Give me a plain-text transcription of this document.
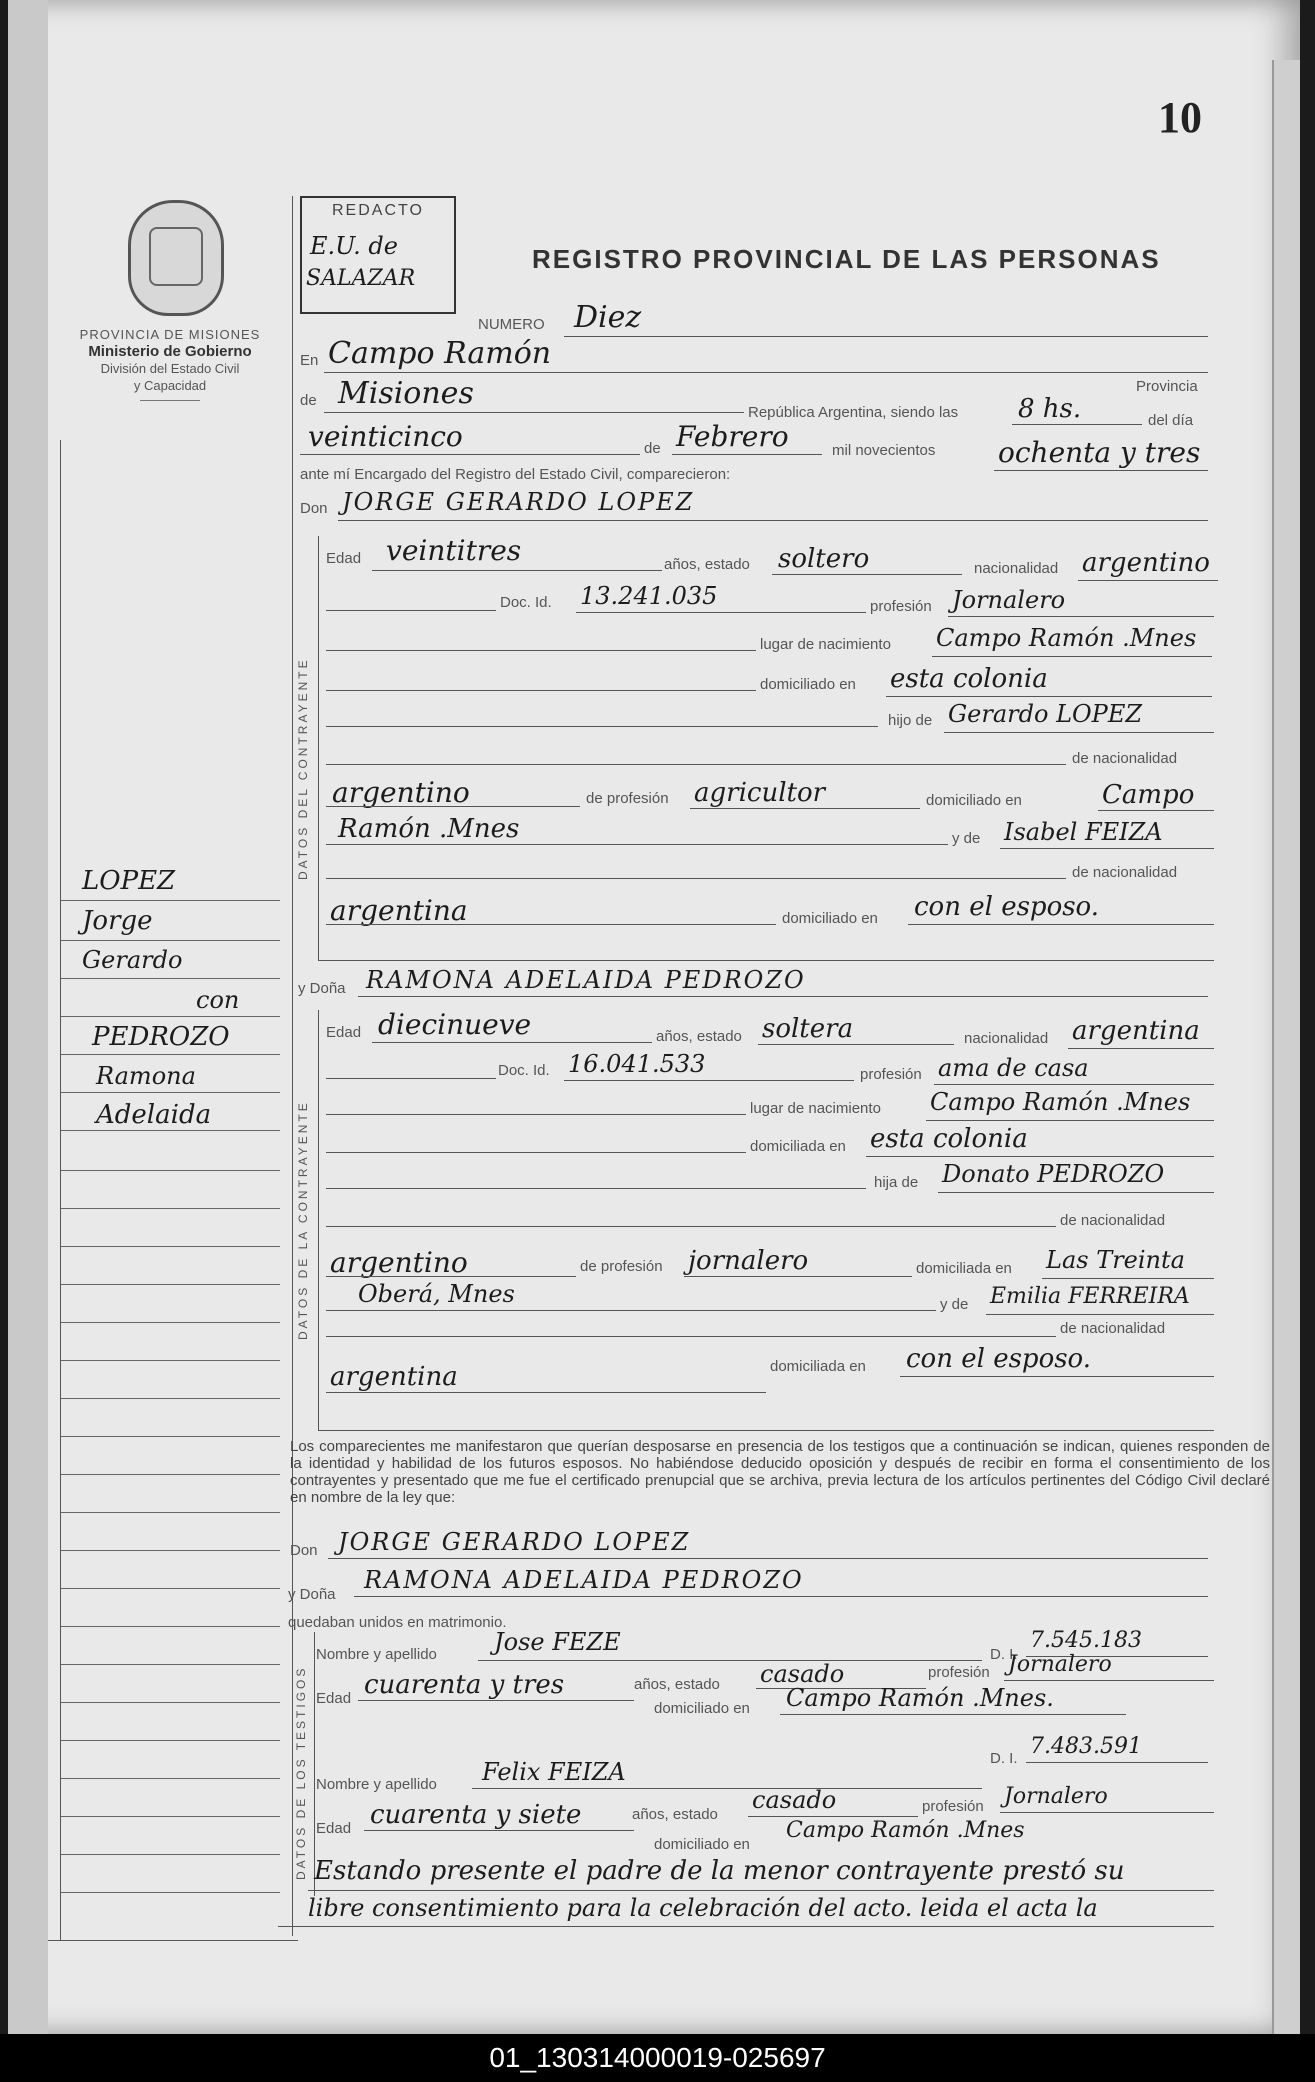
10
PROVINCIA DE MISIONES
Ministerio de Gobierno
División del Estado Civil
y Capacidad
REDACTO
E.U. de
SALAZAR
REGISTRO PROVINCIAL DE LAS PERSONAS
NUMERO Diez
En Campo Ramón
Provincia
de Misiones
República Argentina, siendo las 8 hs.	del día
veinticinco	de Febrero	mil novecientos ochenta y tres
ante mí Encargado del Registro del Estado Civil, comparecieron:
Don JORGE GERARDO LOPEZ
DATOS DEL CONTRAYENTE
Edad veintitres	años, estado soltero	nacionalidad argentino
Doc. Id. 13.241.035	profesión Jornalero
lugar de nacimiento Campo Ramón .Mnes
domiciliado en esta colonia
hijo de Gerardo LOPEZ
de nacionalidad
argentino	de profesión agricultor	domiciliado en	Campo
Ramón .Mnes	y de Isabel FEIZA
de nacionalidad
argentina	domiciliado en con el esposo.
y Doña RAMONA ADELAIDA PEDROZO
DATOS DE LA CONTRAYENTE
Edad diecinueve	años, estado soltera	nacionalidad argentina
Doc. Id. 16.041.533	profesión ama de casa
lugar de nacimiento Campo Ramón .Mnes
domiciliada en esta colonia
hija de Donato PEDROZO
de nacionalidad
argentino	de profesión jornalero	domiciliada en Las Treinta
Oberá, Mnes	y de Emilia FERREIRA
de nacionalidad
argentina	domiciliada en con el esposo.
Los comparecientes me manifestaron que querían desposarse en presencia de los testigos que a continuación se indican, quienes responden de la identidad y habilidad de los futuros esposos. No habiéndose deducido oposición y después de recibir en forma el consentimiento de los contrayentes y presentado que me fue el certificado prenupcial que se archiva, previa lectura de los artículos pertinentes del Código Civil declaré en nombre de la ley que:
Don JORGE GERARDO LOPEZ
y Doña
RAMONA ADELAIDA PEDROZO
quedaban unidos en matrimonio.
DATOS DE LOS TESTIGOS
Nombre y apellido Jose FEZE	D. I.
7.545.183
Edad cuarenta y tres	años, estado casado	profesión Jornalero
domiciliado en Campo Ramón .Mnes.
Nombre y apellido Felix FEIZA	D. I. 7.483.591
Edad cuarenta y siete	años, estado
casado	profesión Jornalero
domiciliado en
Campo Ramón .Mnes
Estando presente el padre de la menor contrayente prestó su
libre consentimiento para la celebración del acto. leida el acta la
LOPEZ
Jorge
Gerardo
con
PEDROZO
Ramona
Adelaida
01_130314000019-025697
